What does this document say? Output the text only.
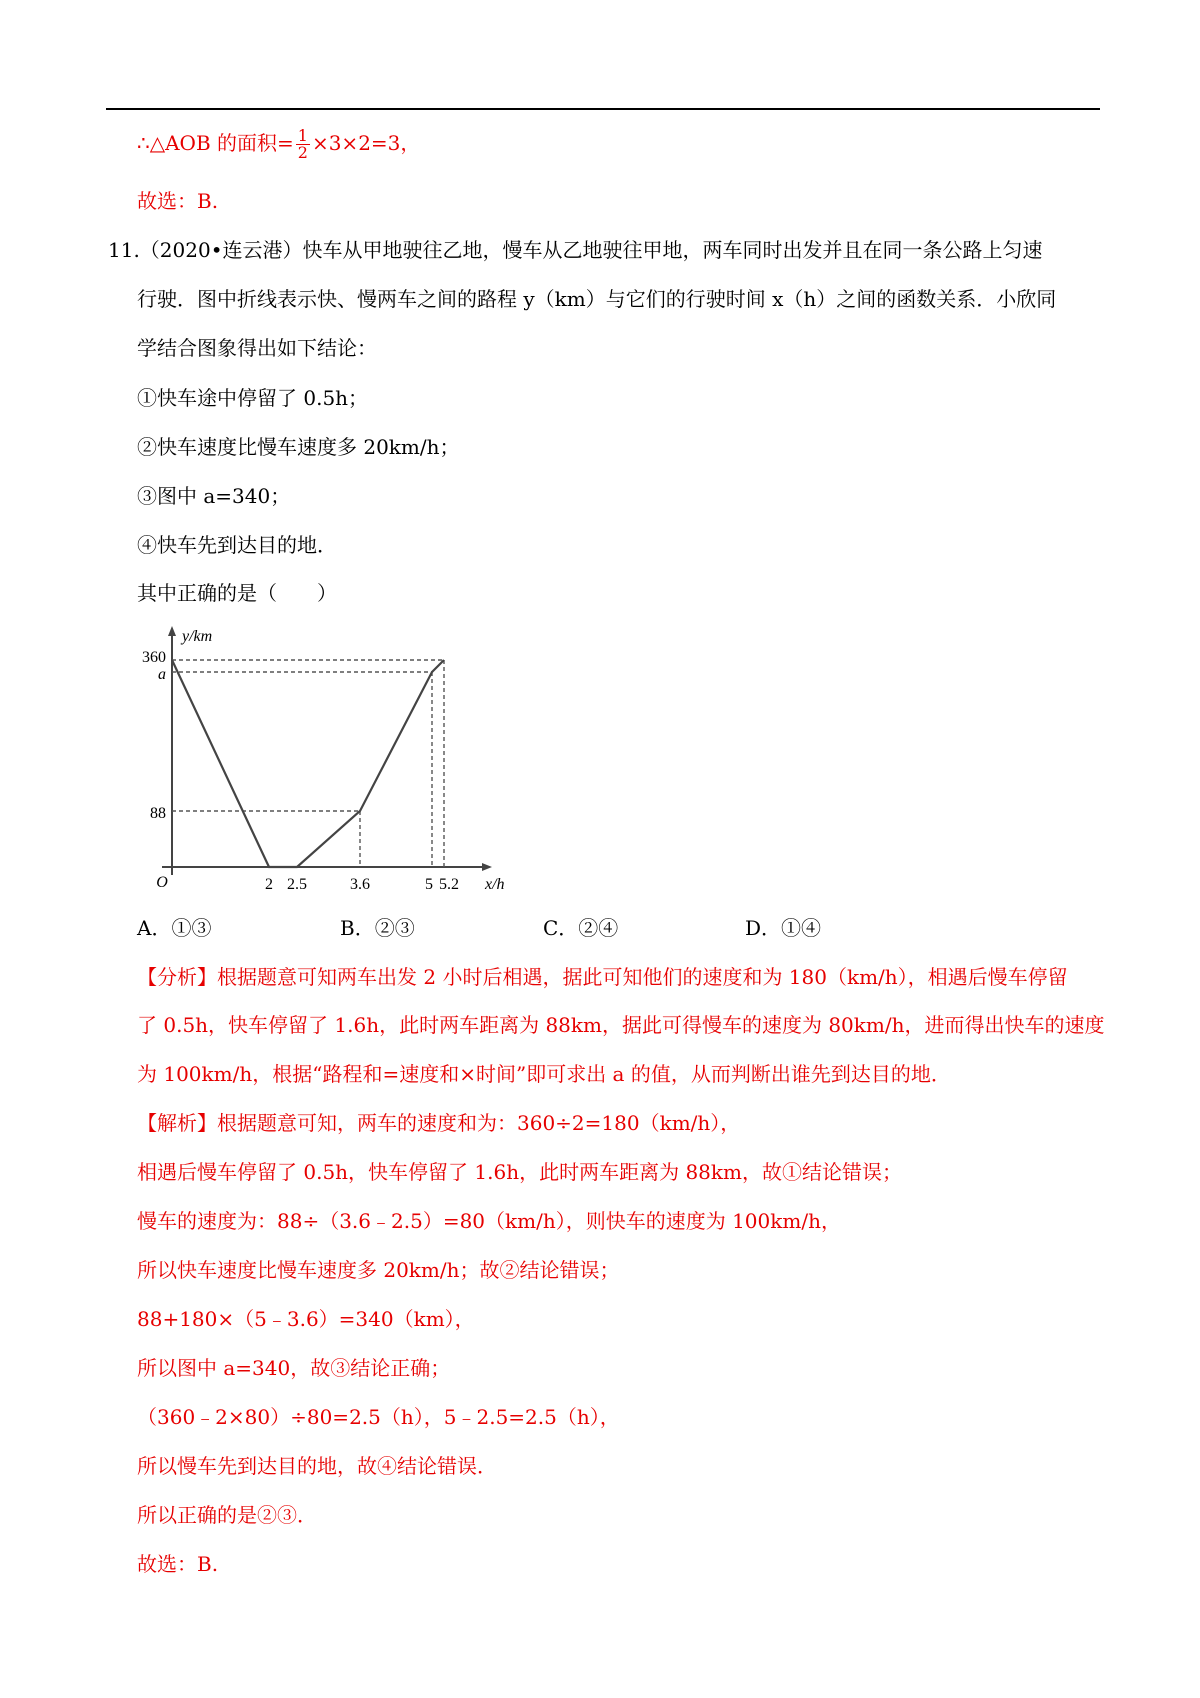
∴△AOB 的面积= $\frac{1}{2} \times 3\times 2=3$，
故选：B.
11.（2020•连云港）快车从甲地驶往乙地，慢车从乙地驶往甲地，两车同时出发并且在同一条公路上匀速
行驶．图中折线表示快、慢两车之间的路程 y（km）与它们的行驶时间 x（h）之间的函数关系．小欣同
学结合图象得出如下结论：
①快车途中停留了 0.5h；
②快车速度比慢车速度多 20km/h；
③图中 a=340；
④快车先到达目的地．
其中正确的是（　　）
y/km
x/h
O	2 2.5	3.6	5 5.2
360
a
88
A．①③	B．②③	C．②④	D．①④
【分析】根据题意可知两车出发 2 小时后相遇，据此可知他们的速度和为 180（km/h），相遇后慢车停留
了 0.5h，快车停留了 1.6h，此时两车距离为 88km，据此可得慢车的速度为 80km/h，进而得出快车的速度
为 100km/h，根据“路程和=速度和×时间”即可求出 a 的值，从而判断出谁先到达目的地．
【解析】根据题意可知，两车的速度和为：360÷2=180（km/h），
相遇后慢车停留了 0.5h，快车停留了 1.6h，此时两车距离为 88km，故①结论错误；
慢车的速度为：88÷（3.6﹣2.5）=80（km/h），则快车的速度为 100km/h，
所以快车速度比慢车速度多 20km/h；故②结论错误；
88+180×（5﹣3.6）=340（km），
所以图中 a=340，故③结论正确；
（360﹣2×80）÷80=2.5（h），5﹣2.5=2.5（h），
所以慢车先到达目的地，故④结论错误．
所以正确的是②③．
故选：B.
